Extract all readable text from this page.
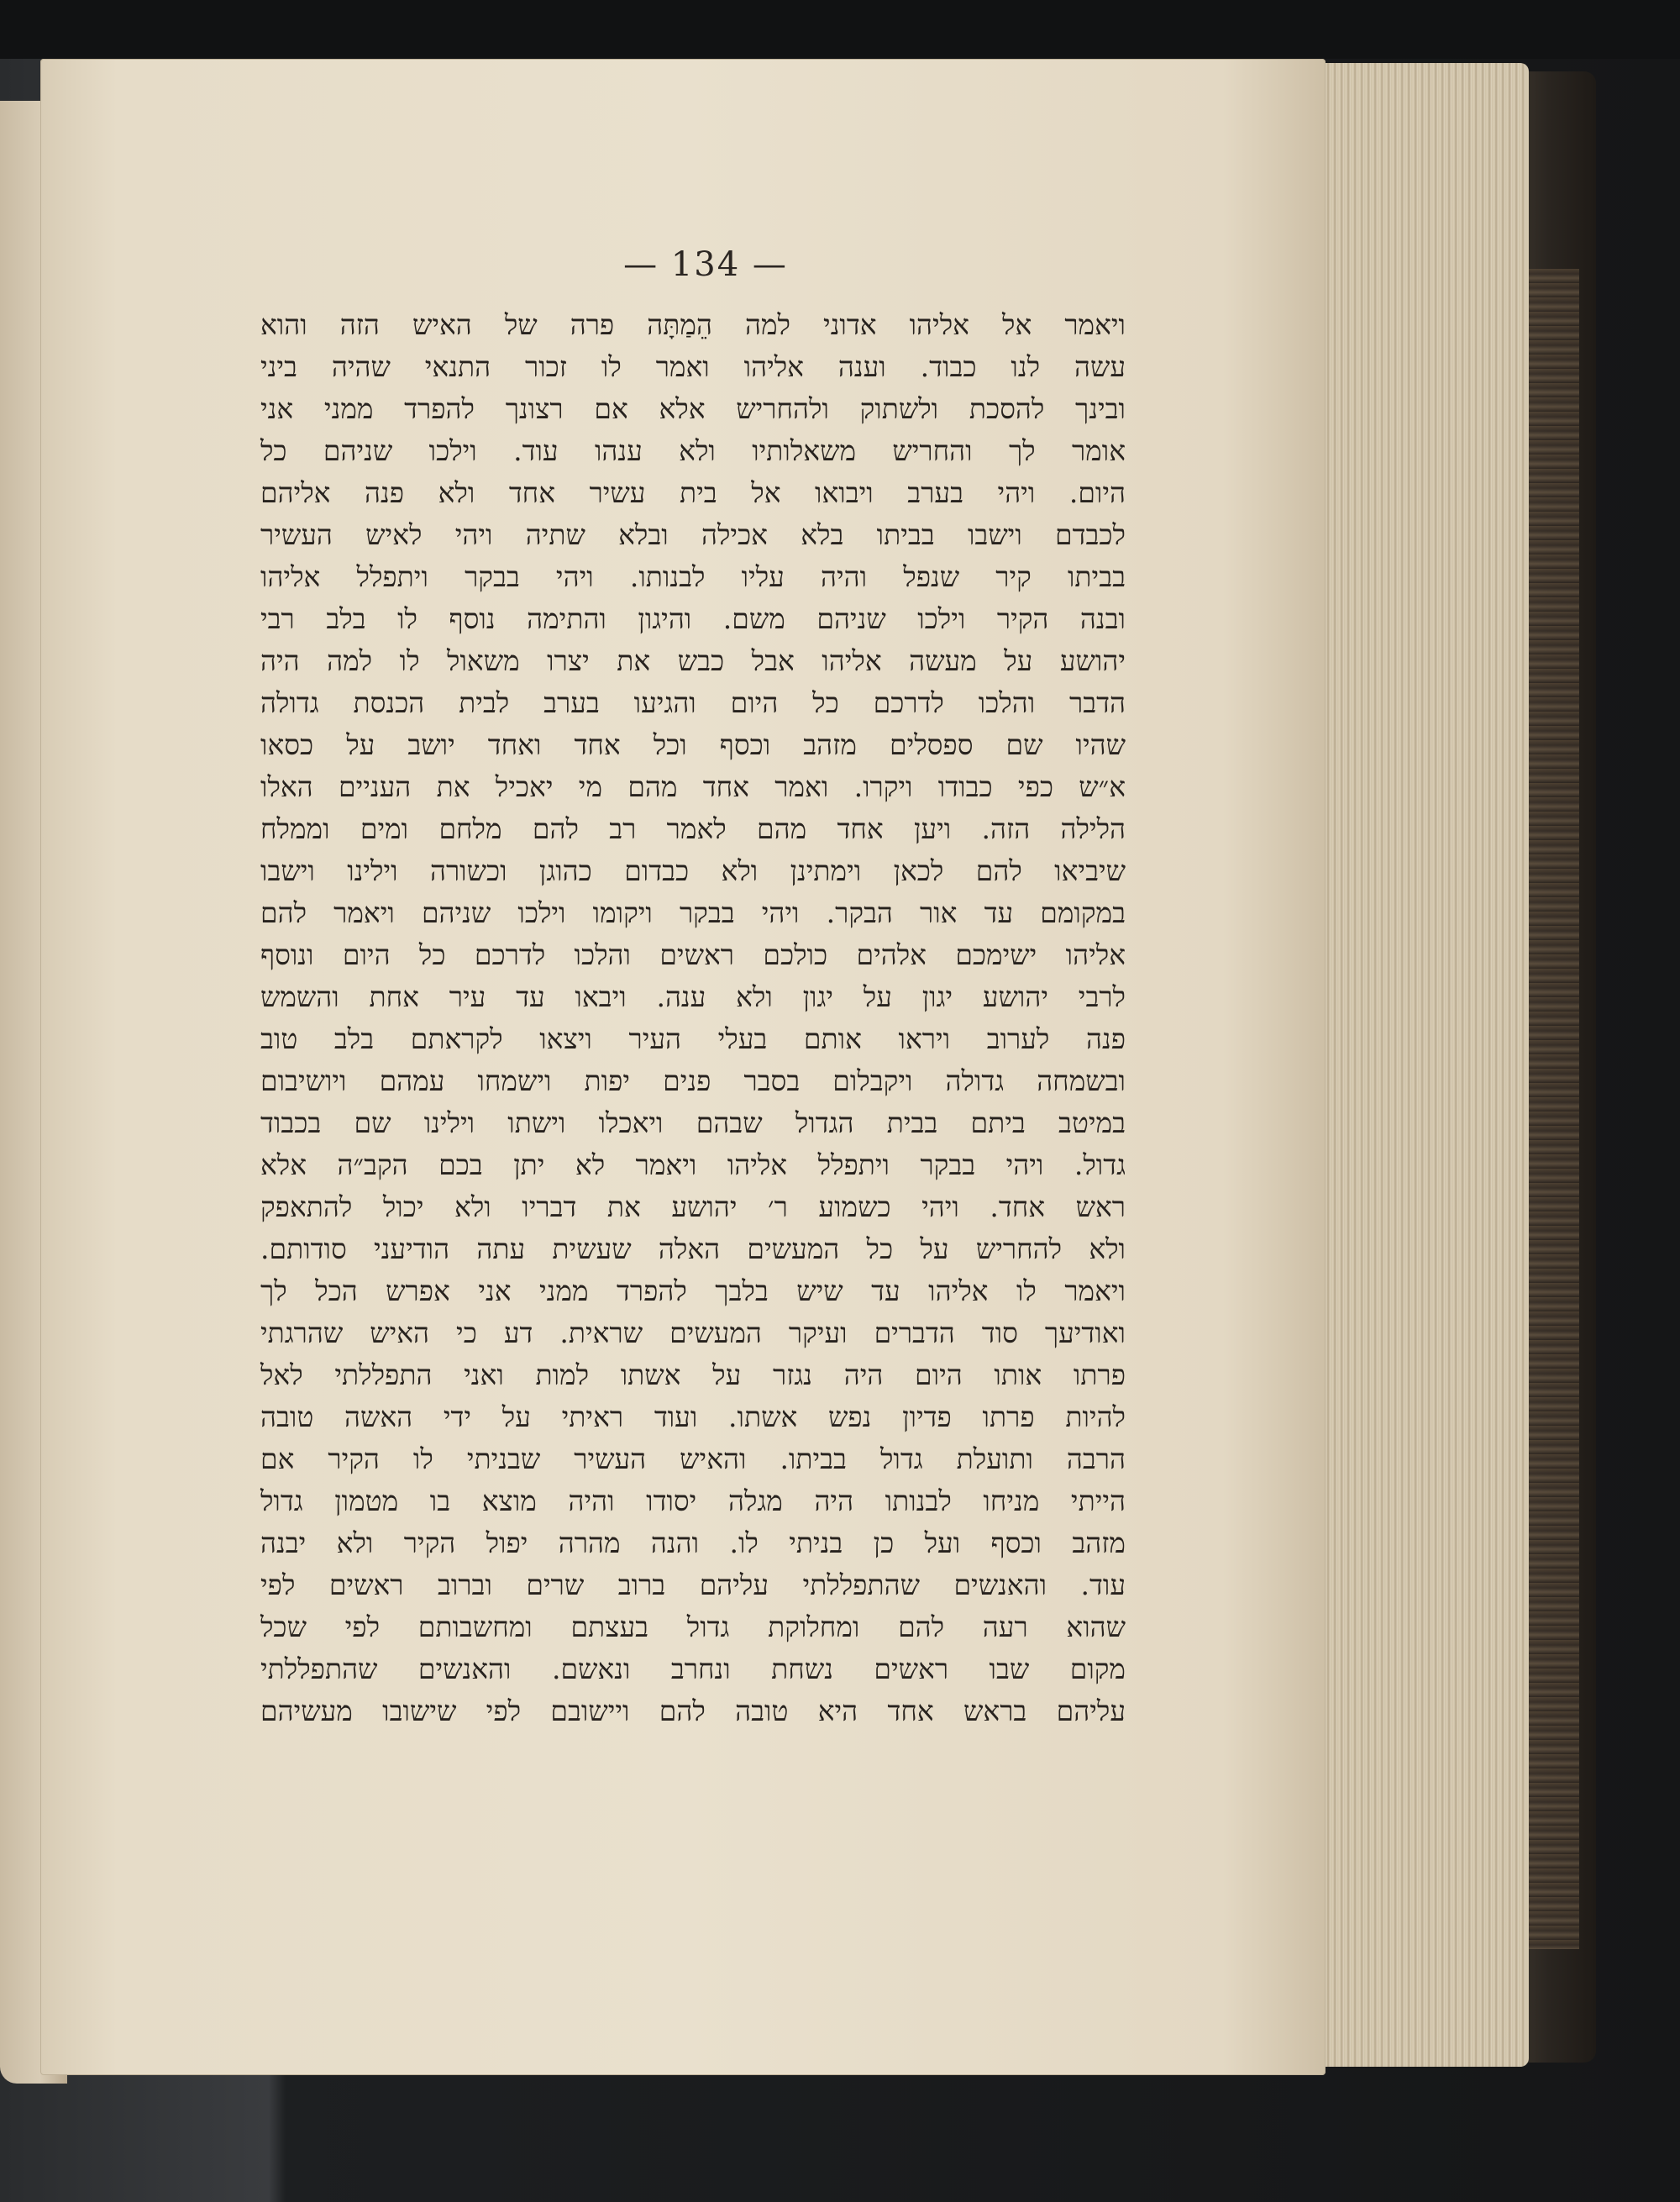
— 134 —
ויאמר אל אליהו אדוני למה הֵמַתָּה פרה של האיש הזה והוא
עשה לנו כבוד. וענה אליהו ואמר לו זכור התנאי שהיה ביני
ובינך להסכת ולשתוק ולהחריש אלא אם רצונך להפרד ממני אני
אומר לך והחריש משאלותיו ולא ענהו עוד. וילכו שניהם כל
היום. ויהי בערב ויבואו אל בית עשיר אחד ולא פנה אליהם
לכבדם וישבו בביתו בלא אכילה ובלא שתיה ויהי לאיש העשיר
בביתו קיר שנפל והיה עליו לבנותו. ויהי בבקר ויתפלל אליהו
ובנה הקיר וילכו שניהם משם. והיגון והתימה נוסף לו בלב רבי
יהושע על מעשה אליהו אבל כבש את יצרו משאול לו למה היה
הדבר והלכו לדרכם כל היום והגיעו בערב לבית הכנסת גדולה
שהיו שם ספסלים מזהב וכסף וכל אחד ואחד יושב על כסאו
א״ש כפי כבודו ויקרו. ואמר אחד מהם מי יאכיל את העניים האלו
הלילה הזה. ויען אחד מהם לאמר רב להם מלחם ומים וממלח
שיביאו להם לכאן וימתינן ולא כבדום כהוגן וכשורה וילינו וישבו
במקומם עד אור הבקר. ויהי בבקר ויקומו וילכו שניהם ויאמר להם
אליהו ישימכם אלהים כולכם ראשים והלכו לדרכם כל היום ונוסף
לרבי יהושע יגון על יגון ולא ענה. ויבאו עד עיר אחת והשמש
פנה לערוב ויראו אותם בעלי העיר ויצאו לקראתם בלב טוב
ובשמחה גדולה ויקבלום בסבר פנים יפות וישמחו עמהם ויושיבום
במיטב ביתם בבית הגדול שבהם ויאכלו וישתו וילינו שם בכבוד
גדול. ויהי בבקר ויתפלל אליהו ויאמר לא יתן בכם הקב״ה אלא
ראש אחד. ויהי כשמוע ר׳ יהושע את דבריו ולא יכול להתאפק
ולא להחריש על כל המעשים האלה שעשית עתה הודיעני סודותם.
ויאמר לו אליהו עד שיש בלבך להפרד ממני אני אפרש הכל לך
ואודיעך סוד הדברים ועיקר המעשים שראית. דע כי האיש שהרגתי
פרתו אותו היום היה נגזר על אשתו למות ואני התפללתי לאל
להיות פרתו פדיון נפש אשתו. ועוד ראיתי על ידי האשה טובה
הרבה ותועלת גדול בביתו. והאיש העשיר שבניתי לו הקיר אם
הייתי מניחו לבנותו היה מגלה יסודו והיה מוצא בו מטמון גדול
מזהב וכסף ועל כן בניתי לו. והנה מהרה יפול הקיר ולא יבנה
עוד. והאנשים שהתפללתי עליהם ברוב שרים וברוב ראשים לפי
שהוא רעה להם ומחלוקת גדול בעצתם ומחשבותם לפי שכל
מקום שבו ראשים נשחת ונחרב ונאשם. והאנשים שהתפללתי
עליהם בראש אחד היא טובה להם ויישובם לפי שישובו מעשיהם
